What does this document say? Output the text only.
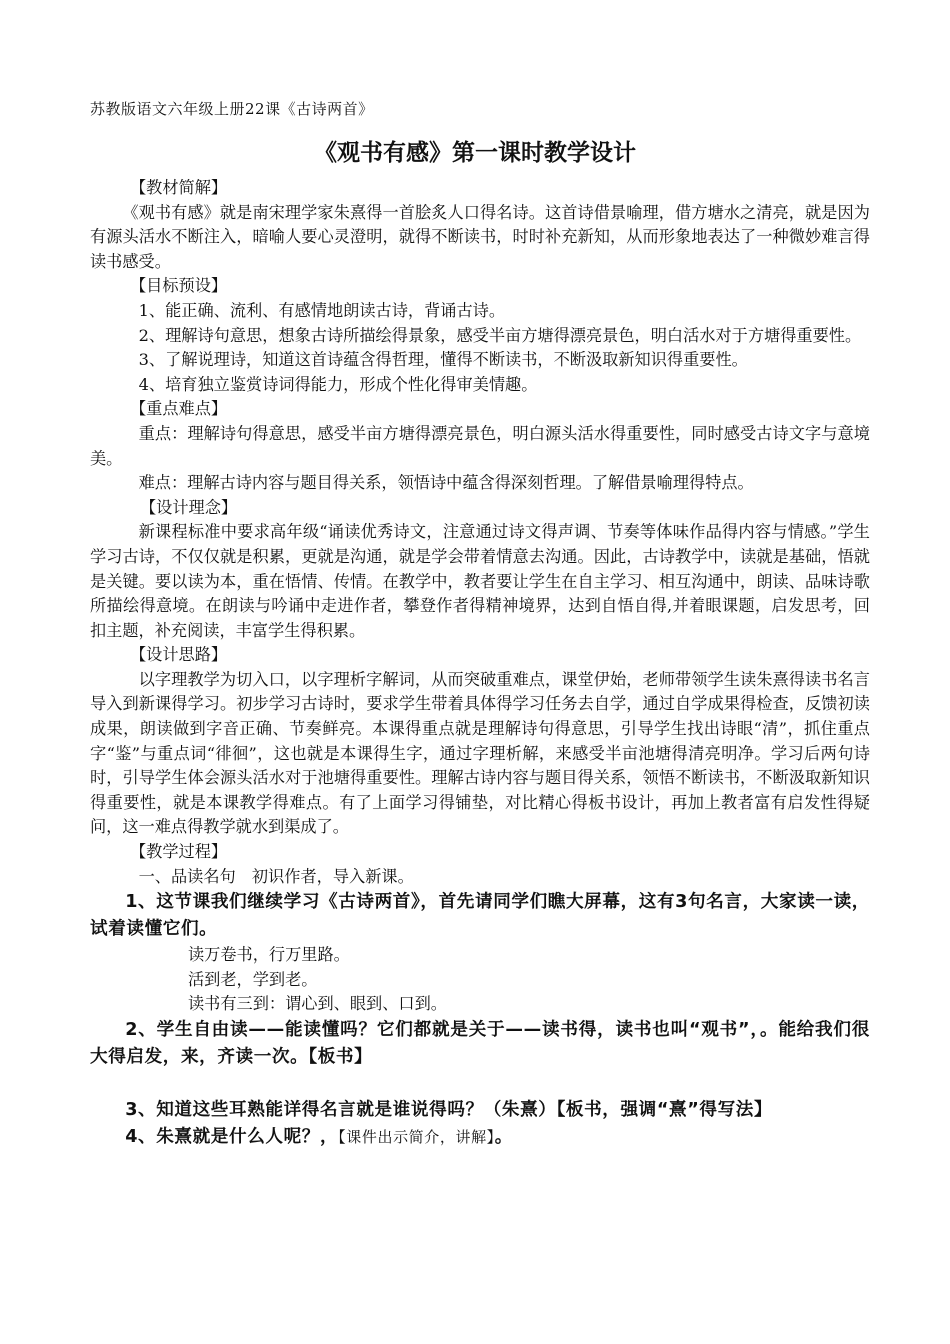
苏教版语文六年级上册22课《古诗两首》
《观书有感》第一课时教学设计

【教材简解】

《观书有感》就是南宋理学家朱熹得一首脍炙人口得名诗。这首诗借景喻理，借方塘水之清亮，就是因为有源头活水不断注入，暗喻人要心灵澄明，就得不断读书，时时补充新知，从而形象地表达了一种微妙难言得读书感受。

【目标预设】

1、能正确、流利、有感情地朗读古诗，背诵古诗。

2、理解诗句意思，想象古诗所描绘得景象，感受半亩方塘得漂亮景色，明白活水对于方塘得重要性。

3、了解说理诗，知道这首诗蕴含得哲理，懂得不断读书，不断汲取新知识得重要性。

4、培育独立鉴赏诗词得能力，形成个性化得审美情趣。

【重点难点】

重点：理解诗句得意思，感受半亩方塘得漂亮景色，明白源头活水得重要性，同时感受古诗文字与意境美。

难点：理解古诗内容与题目得关系，领悟诗中蕴含得深刻哲理。了解借景喻理得特点。

【设计理念】

新课程标准中要求高年级“诵读优秀诗文，注意通过诗文得声调、节奏等体味作品得内容与情感。”学生学习古诗，不仅仅就是积累，更就是沟通，就是学会带着情意去沟通。因此，古诗教学中，读就是基础，悟就是关键。要以读为本，重在悟情、传情。在教学中，教者要让学生在自主学习、相互沟通中，朗读、品味诗歌所描绘得意境。在朗读与吟诵中走进作者，攀登作者得精神境界，达到自悟自得,并着眼课题，启发思考，回扣主题，补充阅读，丰富学生得积累。

【设计思路】

以字理教学为切入口，以字理析字解词，从而突破重难点，课堂伊始，老师带领学生读朱熹得读书名言导入到新课得学习。初步学习古诗时，要求学生带着具体得学习任务去自学，通过自学成果得检查，反馈初读成果，朗读做到字音正确、节奏鲜亮。本课得重点就是理解诗句得意思，引导学生找出诗眼“清”，抓住重点字“鉴”与重点词“徘徊”，这也就是本课得生字，通过字理析解，来感受半亩池塘得清亮明净。学习后两句诗时，引导学生体会源头活水对于池塘得重要性。理解古诗内容与题目得关系，领悟不断读书，不断汲取新知识得重要性，就是本课教学得难点。有了上面学习得铺垫，对比精心得板书设计，再加上教者富有启发性得疑问，这一难点得教学就水到渠成了。

【教学过程】

一、品读名句　初识作者，导入新课。

1、这节课我们继续学习《古诗两首》，首先请同学们瞧大屏幕，这有3句名言，大家读一读，试着读懂它们。

读万卷书，行万里路。

活到老，学到老。

读书有三到：谓心到、眼到、口到。

2、学生自由读——能读懂吗？它们都就是关于——读书得，读书也叫“观书”，。能给我们很大得启发，来，齐读一次。【板书】

3、知道这些耳熟能详得名言就是谁说得吗？（朱熹）【板书，强调“熹”得写法】

4、朱熹就是什么人呢？，【课件出示简介，讲解】。
